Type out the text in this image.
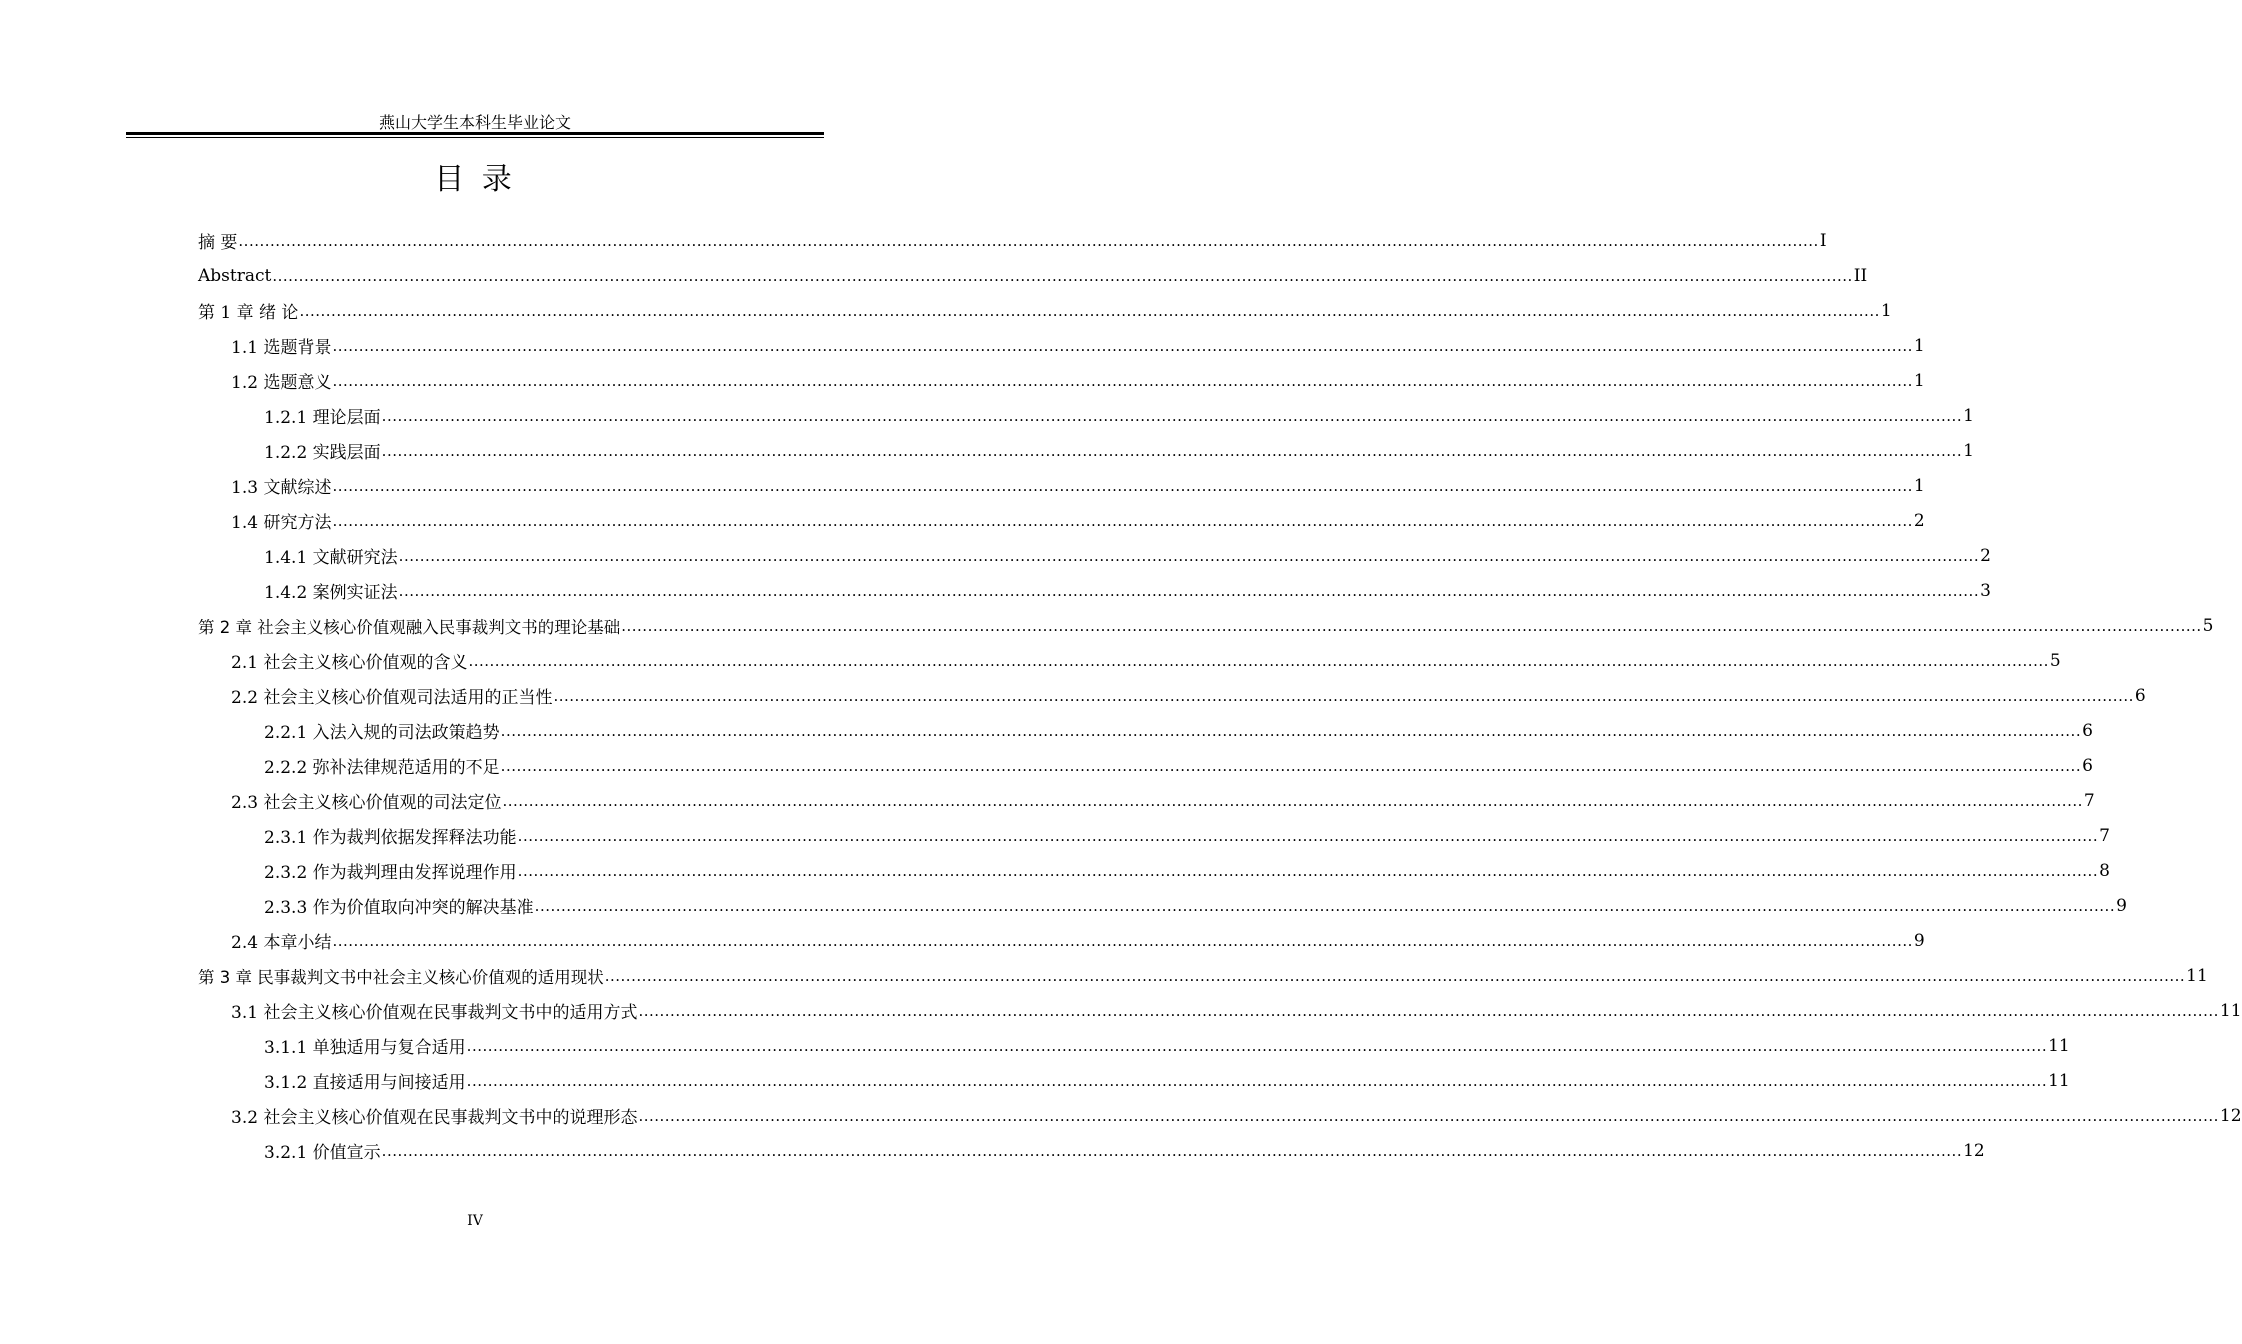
燕山大学生本科生毕业论文
目 录
摘 要 ............................................................................................................................................................................................................................................................................................................ I
Abstract ............................................................................................................................................................................................................................................................................................................ II
第 1 章 绪 论 ............................................................................................................................................................................................................................................................................................................ 1
1.1 选题背景 ............................................................................................................................................................................................................................................................................................................ 1
1.2 选题意义 ............................................................................................................................................................................................................................................................................................................ 1
1.2.1 理论层面 ............................................................................................................................................................................................................................................................................................................ 1
1.2.2 实践层面 ............................................................................................................................................................................................................................................................................................................ 1
1.3 文献综述 ............................................................................................................................................................................................................................................................................................................ 1
1.4 研究方法 ............................................................................................................................................................................................................................................................................................................ 2
1.4.1 文献研究法 ............................................................................................................................................................................................................................................................................................................ 2
1.4.2 案例实证法 ............................................................................................................................................................................................................................................................................................................ 3
第 2 章 社会主义核心价值观融入民事裁判文书的理论基础 ............................................................................................................................................................................................................................................................................................................ 5
2.1 社会主义核心价值观的含义 ............................................................................................................................................................................................................................................................................................................ 5
2.2 社会主义核心价值观司法适用的正当性 ............................................................................................................................................................................................................................................................................................................ 6
2.2.1 入法入规的司法政策趋势 ............................................................................................................................................................................................................................................................................................................ 6
2.2.2 弥补法律规范适用的不足 ............................................................................................................................................................................................................................................................................................................ 6
2.3 社会主义核心价值观的司法定位 ............................................................................................................................................................................................................................................................................................................ 7
2.3.1 作为裁判依据发挥释法功能 ............................................................................................................................................................................................................................................................................................................ 7
2.3.2 作为裁判理由发挥说理作用 ............................................................................................................................................................................................................................................................................................................ 8
2.3.3 作为价值取向冲突的解决基准 ............................................................................................................................................................................................................................................................................................................ 9
2.4 本章小结 ............................................................................................................................................................................................................................................................................................................ 9
第 3 章 民事裁判文书中社会主义核心价值观的适用现状 ............................................................................................................................................................................................................................................................................................................ 11
3.1 社会主义核心价值观在民事裁判文书中的适用方式 ............................................................................................................................................................................................................................................................................................................ 11
3.1.1 单独适用与复合适用 ............................................................................................................................................................................................................................................................................................................ 11
3.1.2 直接适用与间接适用 ............................................................................................................................................................................................................................................................................................................ 11
3.2 社会主义核心价值观在民事裁判文书中的说理形态 ............................................................................................................................................................................................................................................................................................................ 12
3.2.1 价值宣示 ............................................................................................................................................................................................................................................................................................................ 12
IV
